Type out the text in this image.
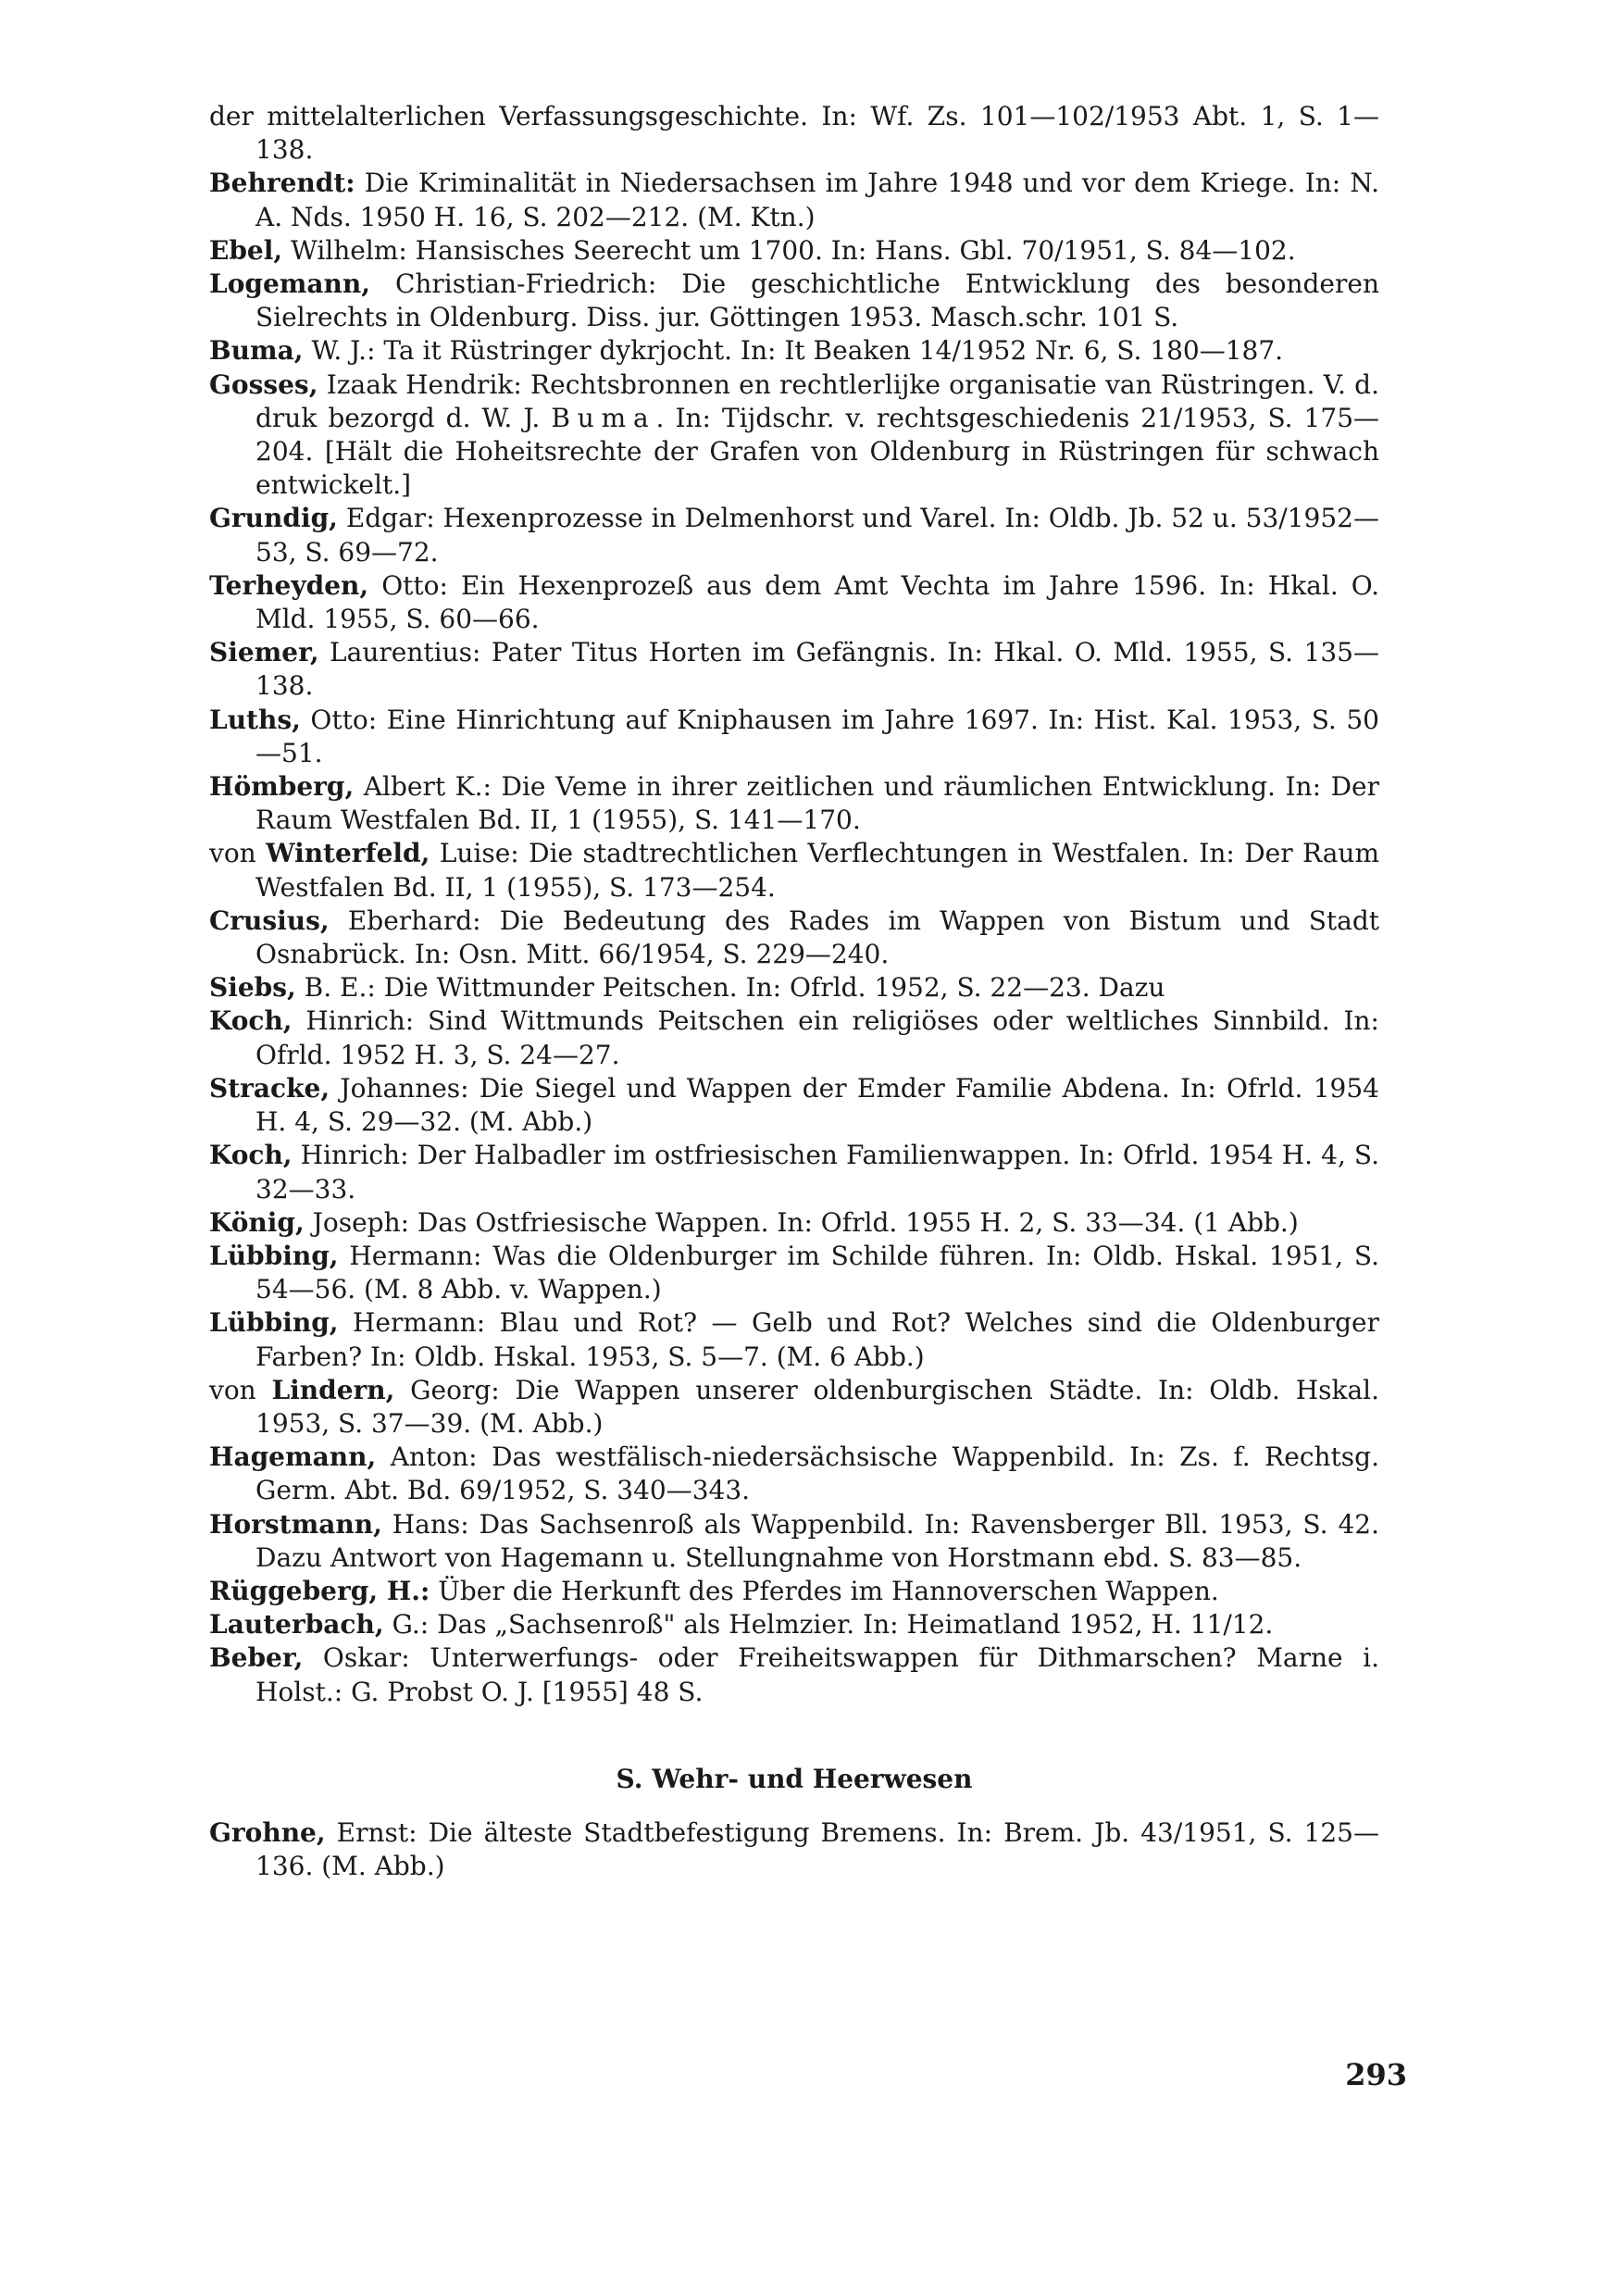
der mittelalterlichen Verfassungsgeschichte. In: Wf. Zs. 101—102/1953 Abt. 1, S. 1—138.

Behrendt: Die Kriminalität in Niedersachsen im Jahre 1948 und vor dem Kriege. In: N. A. Nds. 1950 H. 16, S. 202—212. (M. Ktn.)

Ebel, Wilhelm: Hansisches Seerecht um 1700. In: Hans. Gbl. 70/1951, S. 84—102.

Logemann, Christian-Friedrich: Die geschichtliche Entwicklung des besonderen Sielrechts in Oldenburg. Diss. jur. Göttingen 1953. Masch.schr. 101 S.

Buma, W. J.: Ta it Rüstringer dykrjocht. In: It Beaken 14/1952 Nr. 6, S. 180—187.

Gosses, Izaak Hendrik: Rechtsbronnen en rechtlerlijke organisatie van Rüstringen. V. d. druk bezorgd d. W. J. Buma. In: Tijdschr. v. rechtsgeschiedenis 21/1953, S. 175—204. [Hält die Hoheitsrechte der Grafen von Oldenburg in Rüstringen für schwach entwickelt.]

Grundig, Edgar: Hexenprozesse in Delmenhorst und Varel. In: Oldb. Jb. 52 u. 53/1952—53, S. 69—72.

Terheyden, Otto: Ein Hexenprozeß aus dem Amt Vechta im Jahre 1596. In: Hkal. O. Mld. 1955, S. 60—66.

Siemer, Laurentius: Pater Titus Horten im Gefängnis. In: Hkal. O. Mld. 1955, S. 135—138.

Luths, Otto: Eine Hinrichtung auf Kniphausen im Jahre 1697. In: Hist. Kal. 1953, S. 50—51.

Hömberg, Albert K.: Die Veme in ihrer zeitlichen und räumlichen Entwicklung. In: Der Raum Westfalen Bd. II, 1 (1955), S. 141—170.

von Winterfeld, Luise: Die stadtrechtlichen Verflechtungen in Westfalen. In: Der Raum Westfalen Bd. II, 1 (1955), S. 173—254.

Crusius, Eberhard: Die Bedeutung des Rades im Wappen von Bistum und Stadt Osnabrück. In: Osn. Mitt. 66/1954, S. 229—240.

Siebs, B. E.: Die Wittmunder Peitschen. In: Ofrld. 1952, S. 22—23. Dazu

Koch, Hinrich: Sind Wittmunds Peitschen ein religiöses oder weltliches Sinnbild. In: Ofrld. 1952 H. 3, S. 24—27.

Stracke, Johannes: Die Siegel und Wappen der Emder Familie Abdena. In: Ofrld. 1954 H. 4, S. 29—32. (M. Abb.)

Koch, Hinrich: Der Halbadler im ostfriesischen Familienwappen. In: Ofrld. 1954 H. 4, S. 32—33.

König, Joseph: Das Ostfriesische Wappen. In: Ofrld. 1955 H. 2, S. 33—34. (1 Abb.)

Lübbing, Hermann: Was die Oldenburger im Schilde führen. In: Oldb. Hskal. 1951, S. 54—56. (M. 8 Abb. v. Wappen.)

Lübbing, Hermann: Blau und Rot? — Gelb und Rot? Welches sind die Oldenburger Farben? In: Oldb. Hskal. 1953, S. 5—7. (M. 6 Abb.)

von Lindern, Georg: Die Wappen unserer oldenburgischen Städte. In: Oldb. Hskal. 1953, S. 37—39. (M. Abb.)

Hagemann, Anton: Das westfälisch-niedersächsische Wappenbild. In: Zs. f. Rechtsg. Germ. Abt. Bd. 69/1952, S. 340—343.

Horstmann, Hans: Das Sachsenroß als Wappenbild. In: Ravensberger Bll. 1953, S. 42. Dazu Antwort von Hagemann u. Stellungnahme von Horstmann ebd. S. 83—85.

Rüggeberg, H.: Über die Herkunft des Pferdes im Hannoverschen Wappen.

Lauterbach, G.: Das „Sachsenroß" als Helmzier. In: Heimatland 1952, H. 11/12.

Beber, Oskar: Unterwerfungs- oder Freiheitswappen für Dithmarschen? Marne i. Holst.: G. Probst O. J. [1955] 48 S.

S. Wehr- und Heerwesen

Grohne, Ernst: Die älteste Stadtbefestigung Bremens. In: Brem. Jb. 43/1951, S. 125—136. (M. Abb.)

293
